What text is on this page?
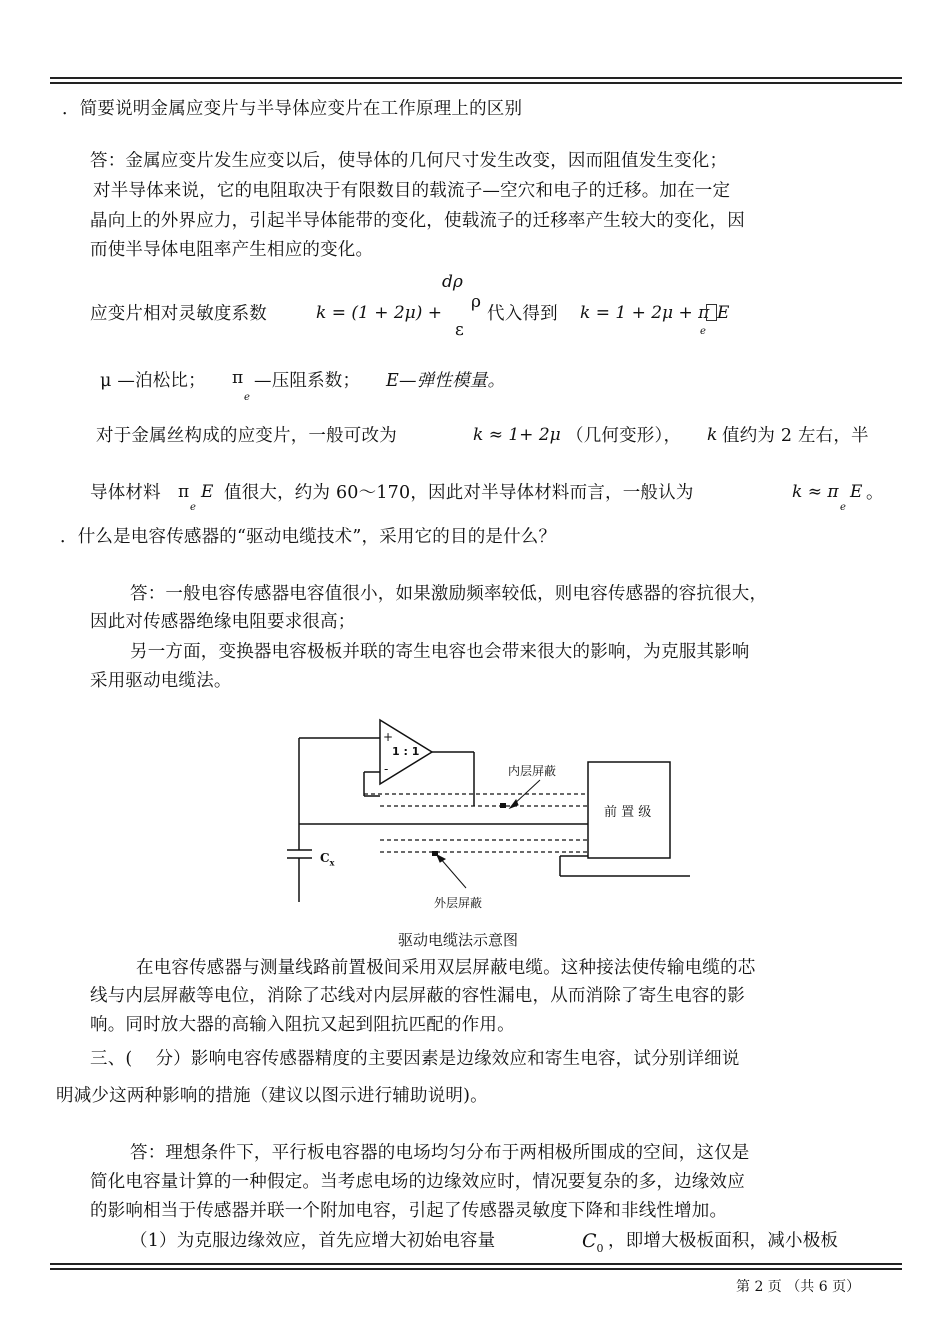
．简要说明金属应变片与半导体应变片在工作原理上的区别
答：金属应变片发生应变以后，使导体的几何尺寸发生改变，因而阻值发生变化；
对半导体来说，它的电阻取决于有限数目的载流子—空穴和电子的迁移。加在一定
晶向上的外界应力，引起半导体能带的变化，使载流子的迁移率产生较大的变化，因
而使半导体电阻率产生相应的变化。
dρ
ρ
应变片相对灵敏度系数	k = (1 + 2μ) +	代入得到 k = 1 + 2μ + π
e
E
ε
μ —泊松比； π
e
—压阻系数； E—弹性模量。
对于金属丝构成的应变片，一般可改为	k ≈ 1+ 2μ （几何变形）， k 值约为 2 左右，半
导体材料 π
e
E 值很大，约为 60～170，因此对半导体材料而言，一般认为	k ≈ π
e
E 。
．什么是电容传感器的“驱动电缆技术”，采用它的目的是什么？
答：一般电容传感器电容值很小，如果激励频率较低，则电容传感器的容抗很大，
因此对传感器绝缘电阻要求很高；
另一方面，变换器电容极板并联的寄生电容也会带来很大的影响，为克服其影响
采用驱动电缆法。
+
1 : 1
-	内层屏蔽
前 置 级
$C_x$
外层屏蔽
驱动电缆法示意图
在电容传感器与测量线路前置极间采用双层屏蔽电缆。这种接法使传输电缆的芯
线与内层屏蔽等电位，消除了芯线对内层屏蔽的容性漏电，从而消除了寄生电容的影
响。同时放大器的高输入阻抗又起到阻抗匹配的作用。
三、(    分）影响电容传感器精度的主要因素是边缘效应和寄生电容，试分别详细说
明减少这两种影响的措施（建议以图示进行辅助说明)。
答：理想条件下，平行板电容器的电场均匀分布于两相极所围成的空间，这仅是
简化电容量计算的一种假定。当考虑电场的边缘效应时，情况要复杂的多，边缘效应
的影响相当于传感器并联一个附加电容，引起了传感器灵敏度下降和非线性增加。
（1）为克服边缘效应，首先应增大初始电容量	$C_0$ ，即增大极板面积，减小极板
第 2 页 （共 6 页）
